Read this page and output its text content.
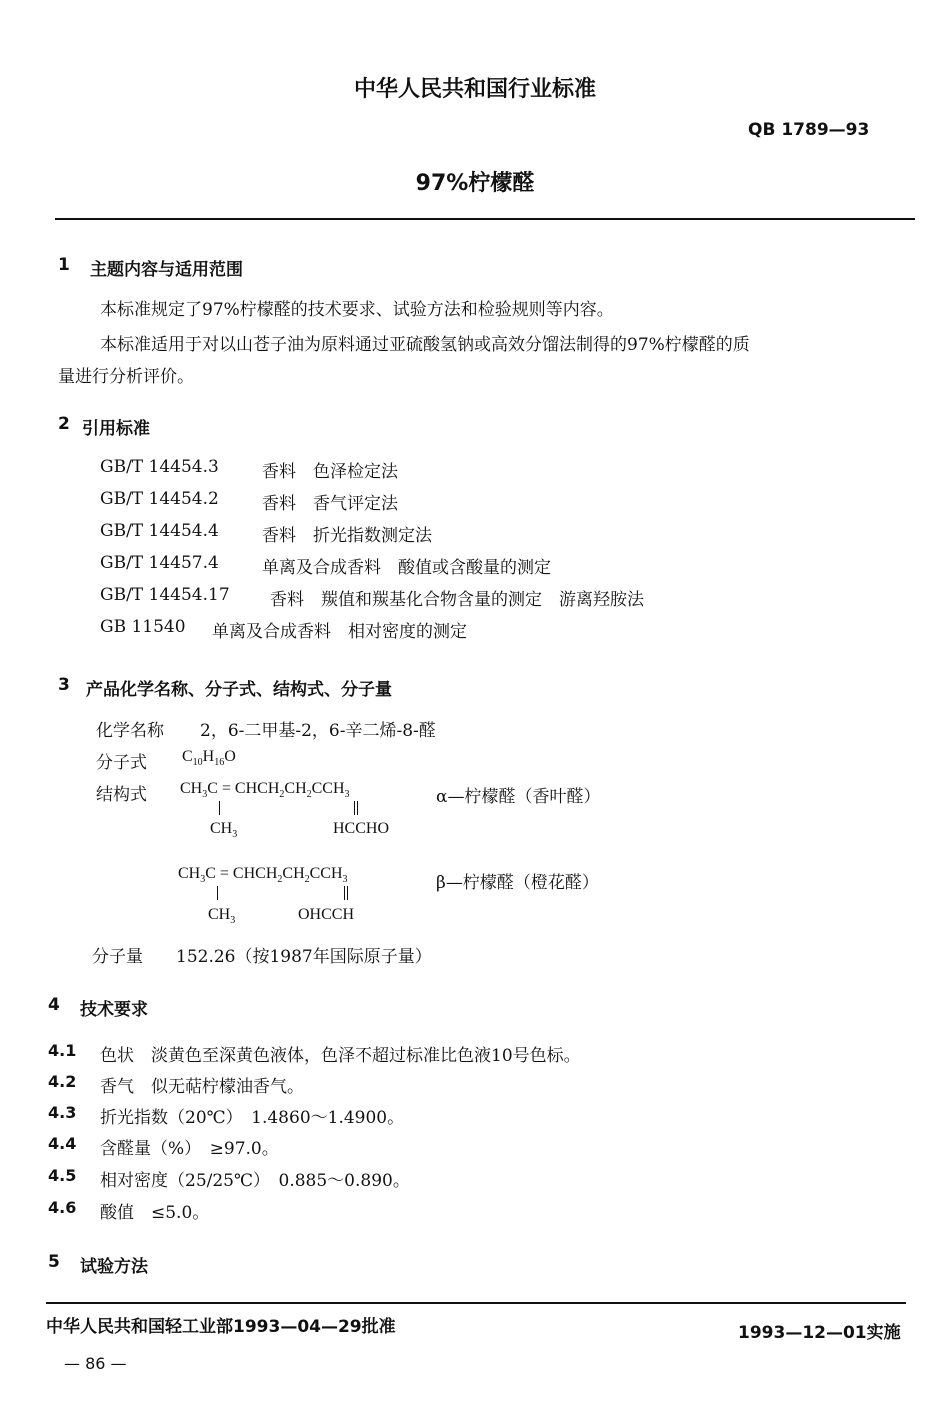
中华人民共和国行业标准
QB 1789—93
97%柠檬醛
1 主题内容与适用范围
本标准规定了97%柠檬醛的技术要求、试验方法和检验规则等内容。
本标准适用于对以山苍子油为原料通过亚硫酸氢钠或高效分馏法制得的97%柠檬醛的质
量进行分析评价。
2 引用标准
GB/T 14454.3	香料　色泽检定法
GB/T 14454.2	香料　香气评定法
GB/T 14454.4	香料　折光指数测定法
GB/T 14457.4	单离及合成香料　酸值或含酸量的测定
GB/T 14454.17 香料　羰值和羰基化合物含量的测定　游离羟胺法
GB 11540 单离及合成香料　相对密度的测定
3 产品化学名称、分子式、结构式、分子量
化学名称 2，6-二甲基-2，6-辛二烯-8-醛
分子式 $C_{10}H_{16}O$
结构式 $CH_3C$ = $CHCH_2CH_2CCH_3$	α—柠檬醛（香叶醛）
$CH_3$	HCCHO
$CH_3C$ = $CHCH_2CH_2CCH_3$	β—柠檬醛（橙花醛）
$CH_3$	OHCCH
分子量 152.26（按1987年国际原子量）
4 技术要求
4.1 色状　淡黄色至深黄色液体，色泽不超过标准比色液10号色标。
4.2 香气　似无萜柠檬油香气。
4.3 折光指数（20℃）　1.4860～1.4900。
4.4 含醛量（%）　≥97.0。
4.5 相对密度（25/25℃）　0.885～0.890。
4.6 酸值　≤5.0。
5 试验方法
中华人民共和国轻工业部1993—04—29批准	1993—12—01实施
— 86 —
